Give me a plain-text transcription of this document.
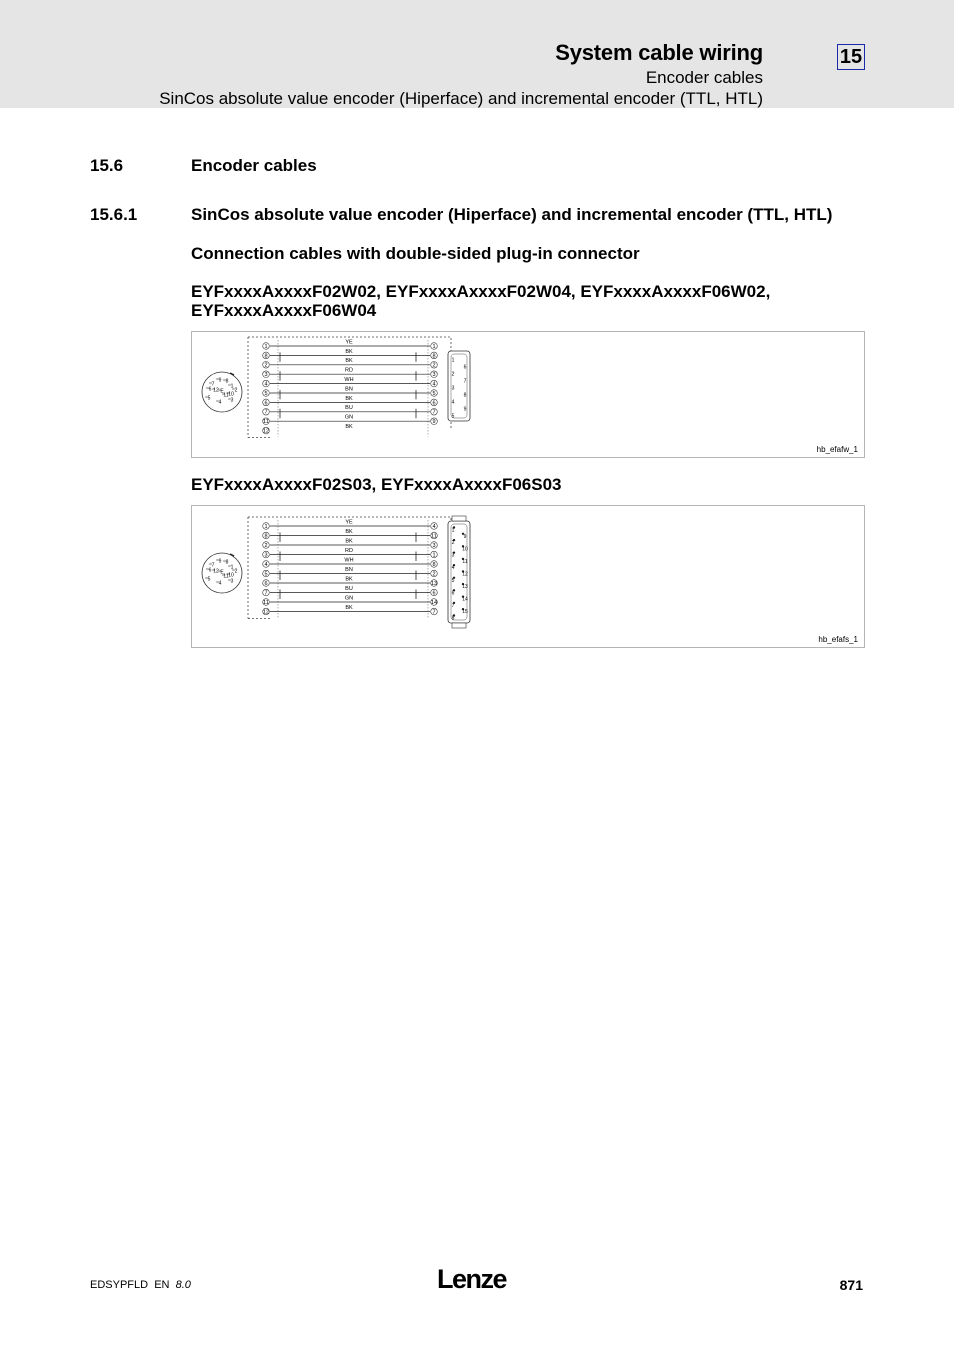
System cable wiring	15
Encoder cables
SinCos absolute value encoder (Hiperface) and incremental encoder (TTL, HTL)
15.6	Encoder cables
15.6.1	SinCos absolute value encoder (Hiperface) and incremental encoder (TTL, HTL)
Connection cables with double-sided plug-in connector
EYFxxxxAxxxxF02W02, EYFxxxxAxxxxF02W04, EYFxxxxAxxxxF06W02,
EYFxxxxAxxxxF06W04
1
YE
1
8
BK
8
2
BK
2
3
RD
3
4
WH
4
5
BN
5
6
BK
6
7
BU
7
11
GN
9
12
BK
9 8
1
7
2
6 12 E 10
11
3
5
4
1
6
2
7
3
8
4
9
5
hb_efafw_1
EYFxxxxAxxxxF02S03, EYFxxxxAxxxxF06S03
1
YE
4
8
BK
11
2
BK
3
3
RD
1
4
WH
8
5
BN
2
6
BK
13
7
BU
6
11
GN
14
12
BK
7
9 8
1
7
2
6 12 E 10
11
3
5
4
1
9
2
10
3
11
4
12
5
13
6
14
7
15
8
hb_efafs_1
EDSYPFLD EN 8.0	Lenze	871
